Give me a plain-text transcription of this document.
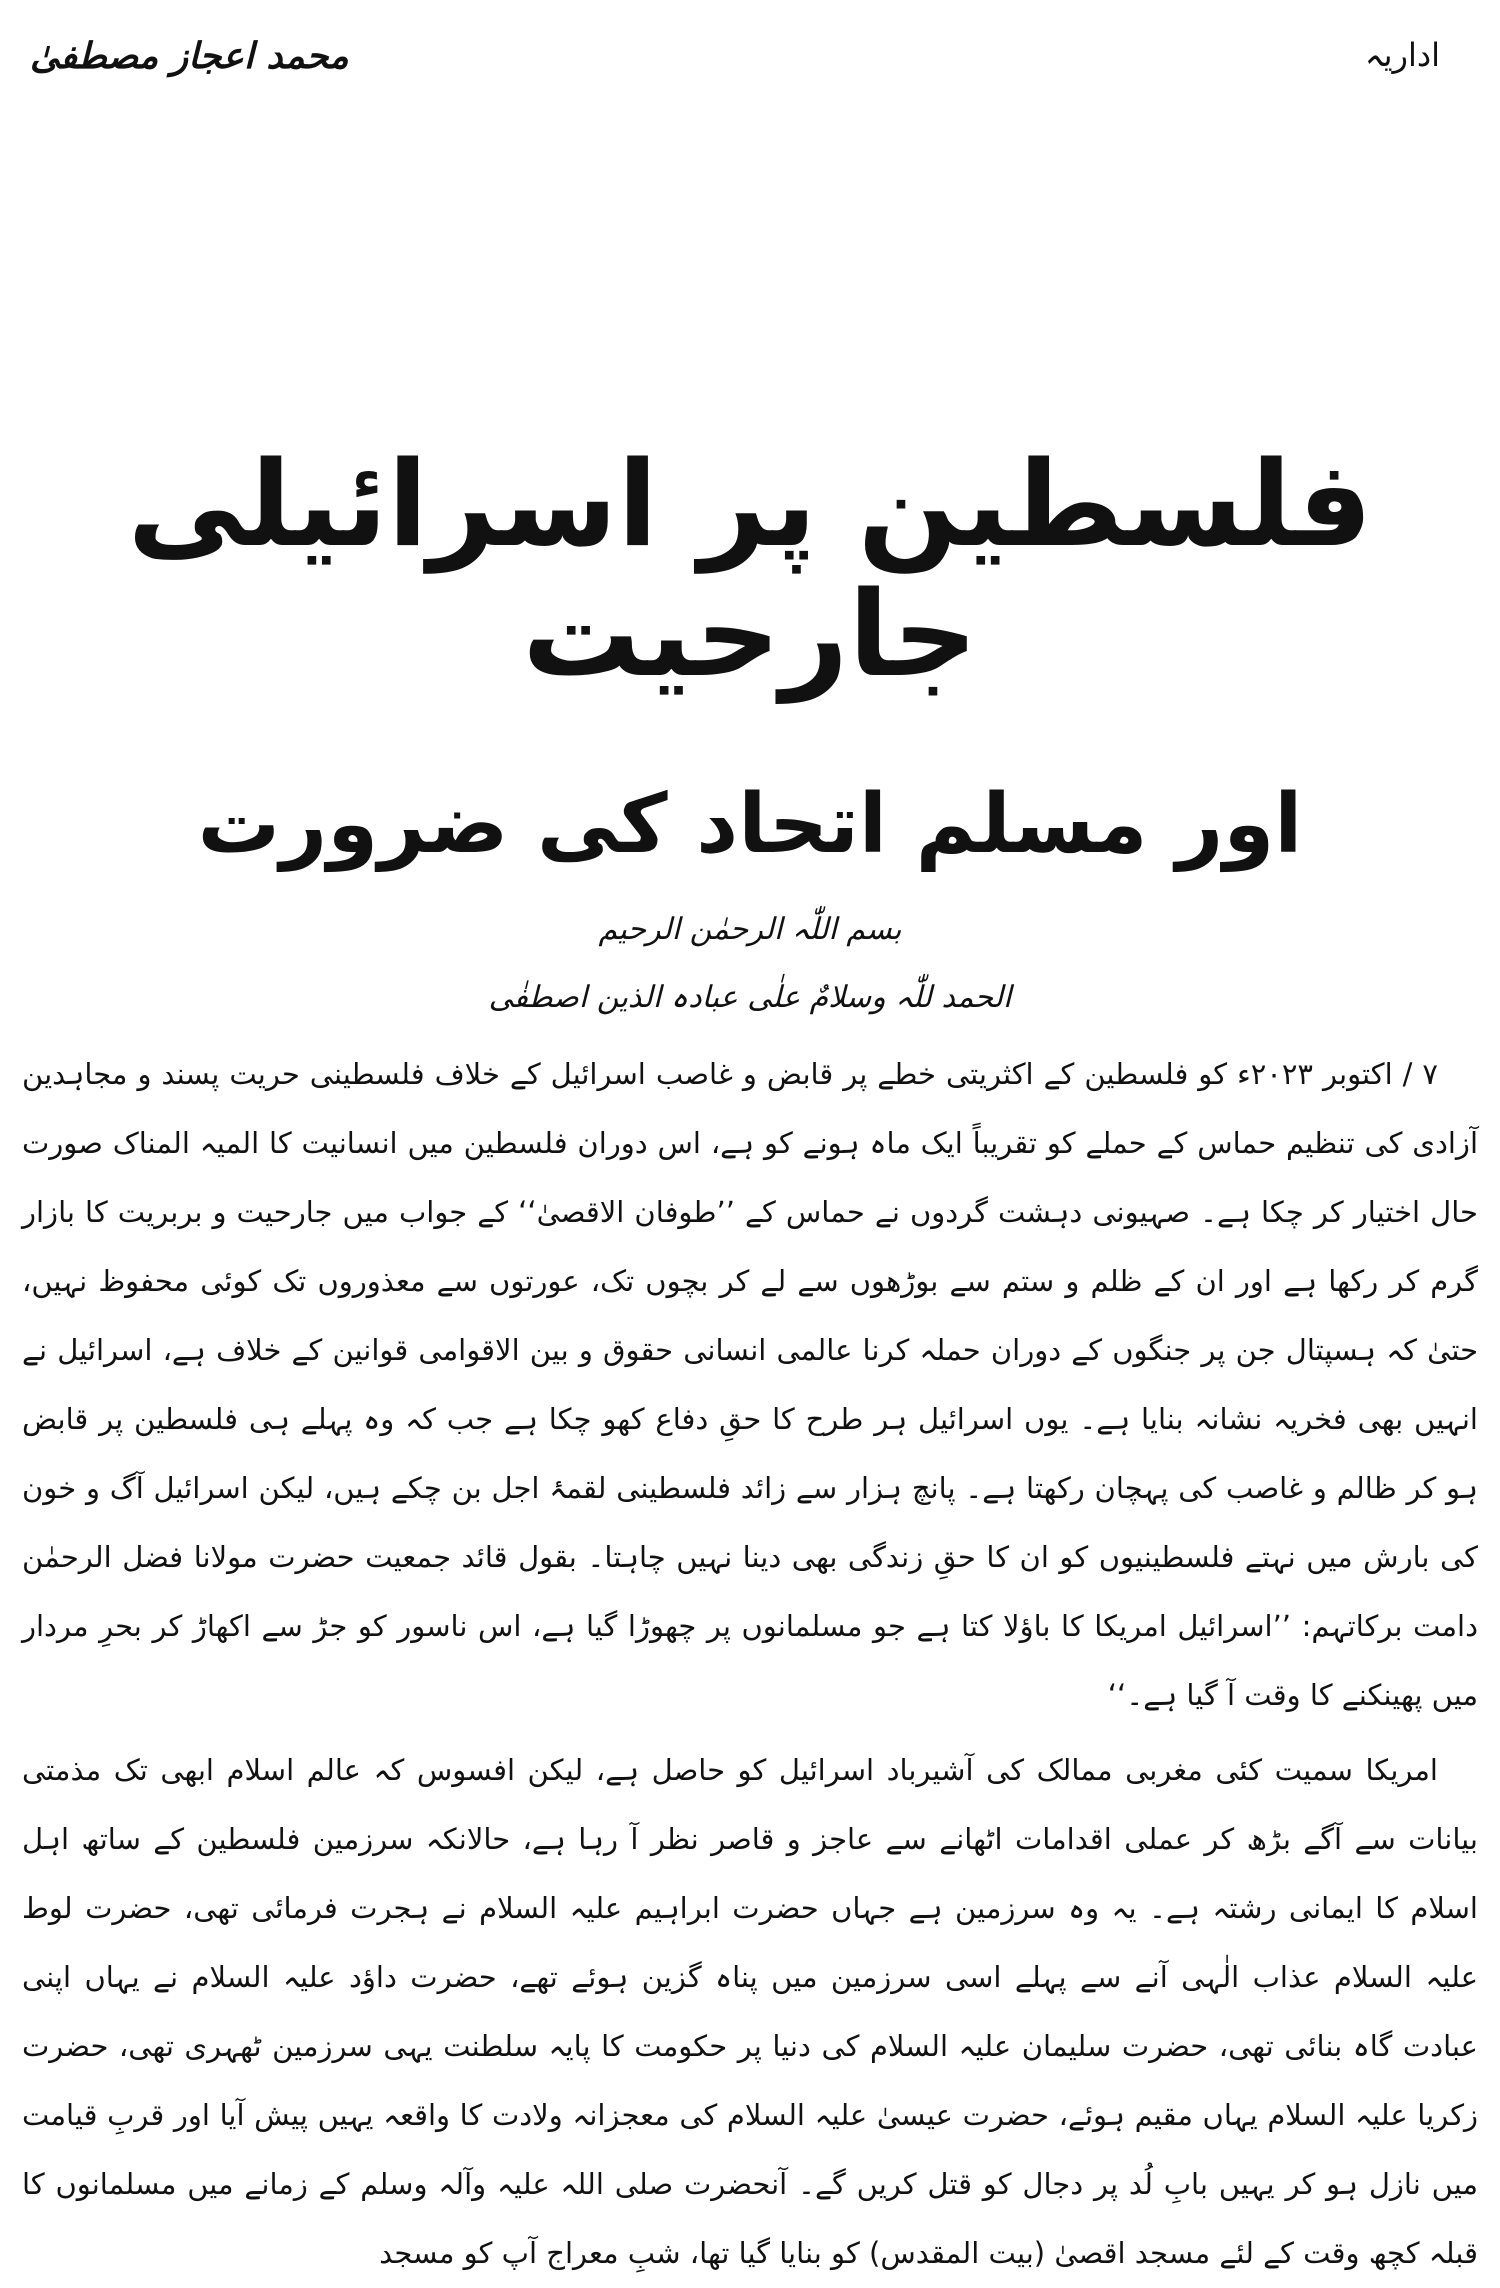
اداریہ
محمد اعجاز مصطفیٰ
فلسطین پر اسرائیلی جارحیت
اور مسلم اتحاد کی ضرورت
بسم اللّٰہ الرحمٰن الرحیم
الحمد للّٰہ وسلامٌ علٰی عبادہ الذین اصطفٰی

۷ / اکتوبر ۲۰۲۳ء کو فلسطین کے اکثریتی خطے پر قابض و غاصب اسرائیل کے خلاف فلسطینی حریت پسند و مجاہدین آزادی کی تنظیم حماس کے حملے کو تقریباً ایک ماہ ہونے کو ہے، اس دوران فلسطین میں انسانیت کا المیہ المناک صورت حال اختیار کر چکا ہے۔ صہیونی دہشت گردوں نے حماس کے ’’طوفان الاقصیٰ‘‘ کے جواب میں جارحیت و بربریت کا بازار گرم کر رکھا ہے اور ان کے ظلم و ستم سے بوڑھوں سے لے کر بچوں تک، عورتوں سے معذوروں تک کوئی محفوظ نہیں، حتیٰ کہ ہسپتال جن پر جنگوں کے دوران حملہ کرنا عالمی انسانی حقوق و بین الاقوامی قوانین کے خلاف ہے، اسرائیل نے انہیں بھی فخریہ نشانہ بنایا ہے۔ یوں اسرائیل ہر طرح کا حقِ دفاع کھو چکا ہے جب کہ وہ پہلے ہی فلسطین پر قابض ہو کر ظالم و غاصب کی پہچان رکھتا ہے۔ پانچ ہزار سے زائد فلسطینی لقمۂ اجل بن چکے ہیں، لیکن اسرائیل آگ و خون کی بارش میں نہتے فلسطینیوں کو ان کا حقِ زندگی بھی دینا نہیں چاہتا۔ بقول قائد جمعیت حضرت مولانا فضل الرحمٰن دامت برکاتہم: ’’اسرائیل امریکا کا باؤلا کتا ہے جو مسلمانوں پر چھوڑا گیا ہے، اس ناسور کو جڑ سے اکھاڑ کر بحرِ مردار میں پھینکنے کا وقت آ گیا ہے۔‘‘

امریکا سمیت کئی مغربی ممالک کی آشیرباد اسرائیل کو حاصل ہے، لیکن افسوس کہ عالم اسلام ابھی تک مذمتی بیانات سے آگے بڑھ کر عملی اقدامات اٹھانے سے عاجز و قاصر نظر آ رہا ہے، حالانکہ سرزمین فلسطین کے ساتھ اہل اسلام کا ایمانی رشتہ ہے۔ یہ وہ سرزمین ہے جہاں حضرت ابراہیم علیہ السلام نے ہجرت فرمائی تھی، حضرت لوط علیہ السلام عذاب الٰہی آنے سے پہلے اسی سرزمین میں پناہ گزین ہوئے تھے، حضرت داؤد علیہ السلام نے یہاں اپنی عبادت گاہ بنائی تھی، حضرت سلیمان علیہ السلام کی دنیا پر حکومت کا پایہ سلطنت یہی سرزمین ٹھہری تھی، حضرت زکریا علیہ السلام یہاں مقیم ہوئے، حضرت عیسیٰ علیہ السلام کی معجزانہ ولادت کا واقعہ یہیں پیش آیا اور قربِ قیامت میں نازل ہو کر یہیں بابِ لُد پر دجال کو قتل کریں گے۔ آنحضرت صلی اللہ علیہ وآلہ وسلم کے زمانے میں مسلمانوں کا قبلہ کچھ وقت کے لئے مسجد اقصیٰ (بیت المقدس) کو بنایا گیا تھا، شبِ معراج آپ کو مسجد
